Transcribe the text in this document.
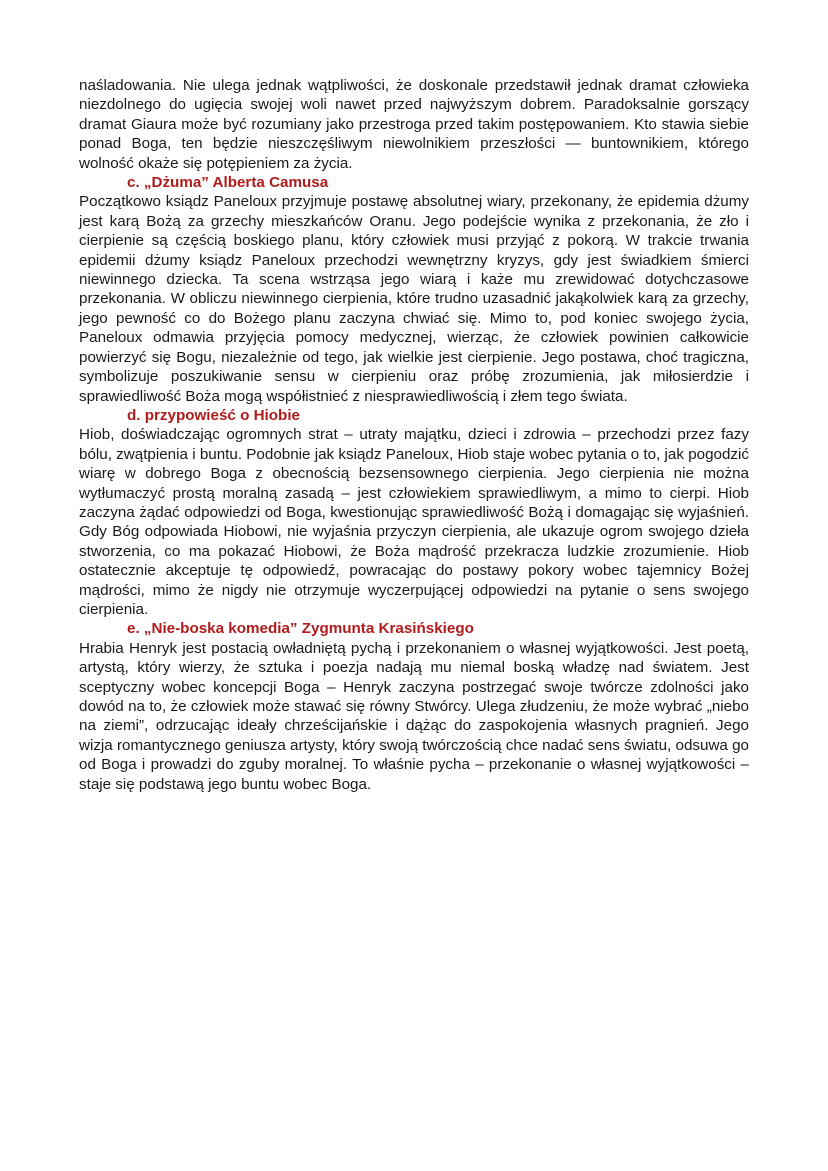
naśladowania. Nie ulega jednak wątpliwości, że doskonale przedstawił jednak dramat człowieka niezdolnego do ugięcia swojej woli nawet przed najwyższym dobrem. Paradoksalnie gorszący dramat Giaura może być rozumiany jako przestroga przed takim postępowaniem. Kto stawia siebie ponad Boga, ten będzie nieszczęśliwym niewolnikiem przeszłości — buntownikiem, którego wolność okaże się potępieniem za życia.

c. „Dżuma” Alberta Camusa

Początkowo ksiądz Paneloux przyjmuje postawę absolutnej wiary, przekonany, że epidemia dżumy jest karą Bożą za grzechy mieszkańców Oranu. Jego podejście wynika z przekonania, że zło i cierpienie są częścią boskiego planu, który człowiek musi przyjąć z pokorą. W trakcie trwania epidemii dżumy ksiądz Paneloux przechodzi wewnętrzny kryzys, gdy jest świadkiem śmierci niewinnego dziecka. Ta scena wstrząsa jego wiarą i każe mu zrewidować dotychczasowe przekonania. W obliczu niewinnego cierpienia, które trudno uzasadnić jakąkolwiek karą za grzechy, jego pewność co do Bożego planu zaczyna chwiać się. Mimo to, pod koniec swojego życia, Paneloux odmawia przyjęcia pomocy medycznej, wierząc, że człowiek powinien całkowicie powierzyć się Bogu, niezależnie od tego, jak wielkie jest cierpienie. Jego postawa, choć tragiczna, symbolizuje poszukiwanie sensu w cierpieniu oraz próbę zrozumienia, jak miłosierdzie i sprawiedliwość Boża mogą współistnieć z niesprawiedliwością i złem tego świata.

d. przypowieść o Hiobie

Hiob, doświadczając ogromnych strat – utraty majątku, dzieci i zdrowia – przechodzi przez fazy bólu, zwątpienia i buntu. Podobnie jak ksiądz Paneloux, Hiob staje wobec pytania o to, jak pogodzić wiarę w dobrego Boga z obecnością bezsensownego cierpienia. Jego cierpienia nie można wytłumaczyć prostą moralną zasadą – jest człowiekiem sprawiedliwym, a mimo to cierpi. Hiob zaczyna żądać odpowiedzi od Boga, kwestionując sprawiedliwość Bożą i domagając się wyjaśnień. Gdy Bóg odpowiada Hiobowi, nie wyjaśnia przyczyn cierpienia, ale ukazuje ogrom swojego dzieła stworzenia, co ma pokazać Hiobowi, że Boża mądrość przekracza ludzkie zrozumienie. Hiob ostatecznie akceptuje tę odpowiedź, powracając do postawy pokory wobec tajemnicy Bożej mądrości, mimo że nigdy nie otrzymuje wyczerpującej odpowiedzi na pytanie o sens swojego cierpienia.

e. „Nie-boska komedia” Zygmunta Krasińskiego

Hrabia Henryk jest postacią owładniętą pychą i przekonaniem o własnej wyjątkowości. Jest poetą, artystą, który wierzy, że sztuka i poezja nadają mu niemal boską władzę nad światem. Jest sceptyczny wobec koncepcji Boga – Henryk zaczyna postrzegać swoje twórcze zdolności jako dowód na to, że człowiek może stawać się równy Stwórcy. Ulega złudzeniu, że może wybrać „niebo na ziemi”, odrzucając ideały chrześcijańskie i dążąc do zaspokojenia własnych pragnień. Jego wizja romantycznego geniusza artysty, który swoją twórczością chce nadać sens światu, odsuwa go od Boga i prowadzi do zguby moralnej. To właśnie pycha – przekonanie o własnej wyjątkowości – staje się podstawą jego buntu wobec Boga.
